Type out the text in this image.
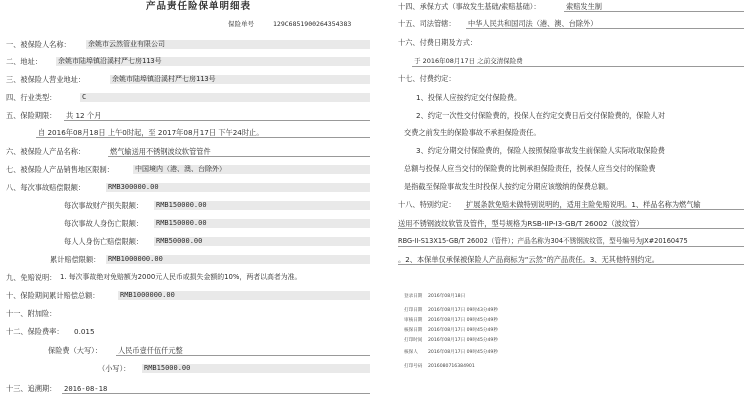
产品责任险保单明细表
保险单号	129C6851900264354383
一、被保险人名称： 余姚市云然管业有限公司
二、地址： 余姚市陆埠镇沿溪村严七房113号
三、被保险人营业地址：	余姚市陆埠镇沿溪村严七房113号
四、行业类型：	C
五、保险期限： 共 12 个月
自 2016年08月18日 上午0时起，至 2017年08月17日 下午24时止。
六、被保险人产品名称：	燃气输送用不锈钢波纹软管管件
七、被保险人产品销售地区限制：	中国境内（港、澳、台除外）
八、每次事故赔偿限额：	RMB300000.00
每次事故财产损失限额： RMB150000.00
每次事故人身伤亡限额： RMB150000.00
每人人身伤亡赔偿限额： RMB50000.00
累计赔偿限额： RMB1000000.00
九、免赔说明： 1. 每次事故绝对免赔额为2000元人民币或损失金额的10%，两者以高者为准。
十、保险期间累计赔偿总额：	RMB1000000.00
十一、附加险：
十二、保险费率： 0.015
保险费（大写）： 人民币壹仟伍仟元整
（小写）： RMB15000.00
十三、追溯期： 2016-08-18
十四、承保方式（事故发生基础/索赔基础）：	索赔发生制
十五、司法管辖： 中华人民共和国司法（港、澳、台除外）
十六、付费日期及方式：
于 2016年08月17日 之前交清保险费
十七、付费约定：
1、投保人应按约定交付保险费。
2、约定一次性交付保险费的，投保人在约定交费日后交付保险费的，保险人对
交费之前发生的保险事故不承担保险责任。
3、约定分期交付保险费的，保险人按照保险事故发生前保险人实际收取保险费
总额与投保人应当交付的保险费的比例承担保险责任，投保人应当交付的保险费
是指截至保险事故发生时投保人按约定分期应该缴纳的保费总额。
十八、特别约定： 扩展条款免赔未做特别说明的，适用主险免赔说明。1、样品名称为燃气输
送用不锈钢波纹软管及管件，型号规格为RSB-IIP-I3-GB/T 26002（波纹管）
RBG-II-S13X15-GB/T 26002（管件）；产品名称为304不锈钢波纹管，型号编号为JX#20160475
。2、本保单仅承保被保险人产品商标为“云然”的产品责任。3、无其他特别约定。
登录日期 2016年08月18日
打印日期 2016年08月17日 09时43分49秒
审核日期 2016年08月17日 09时45分49秒
核保日期 2016年08月17日 09时45分49秒
打印时间 2016年08月17日 09时45分49秒
核保人 2016年08月17日 09时45分49秒
打印号码 2016080716384901
